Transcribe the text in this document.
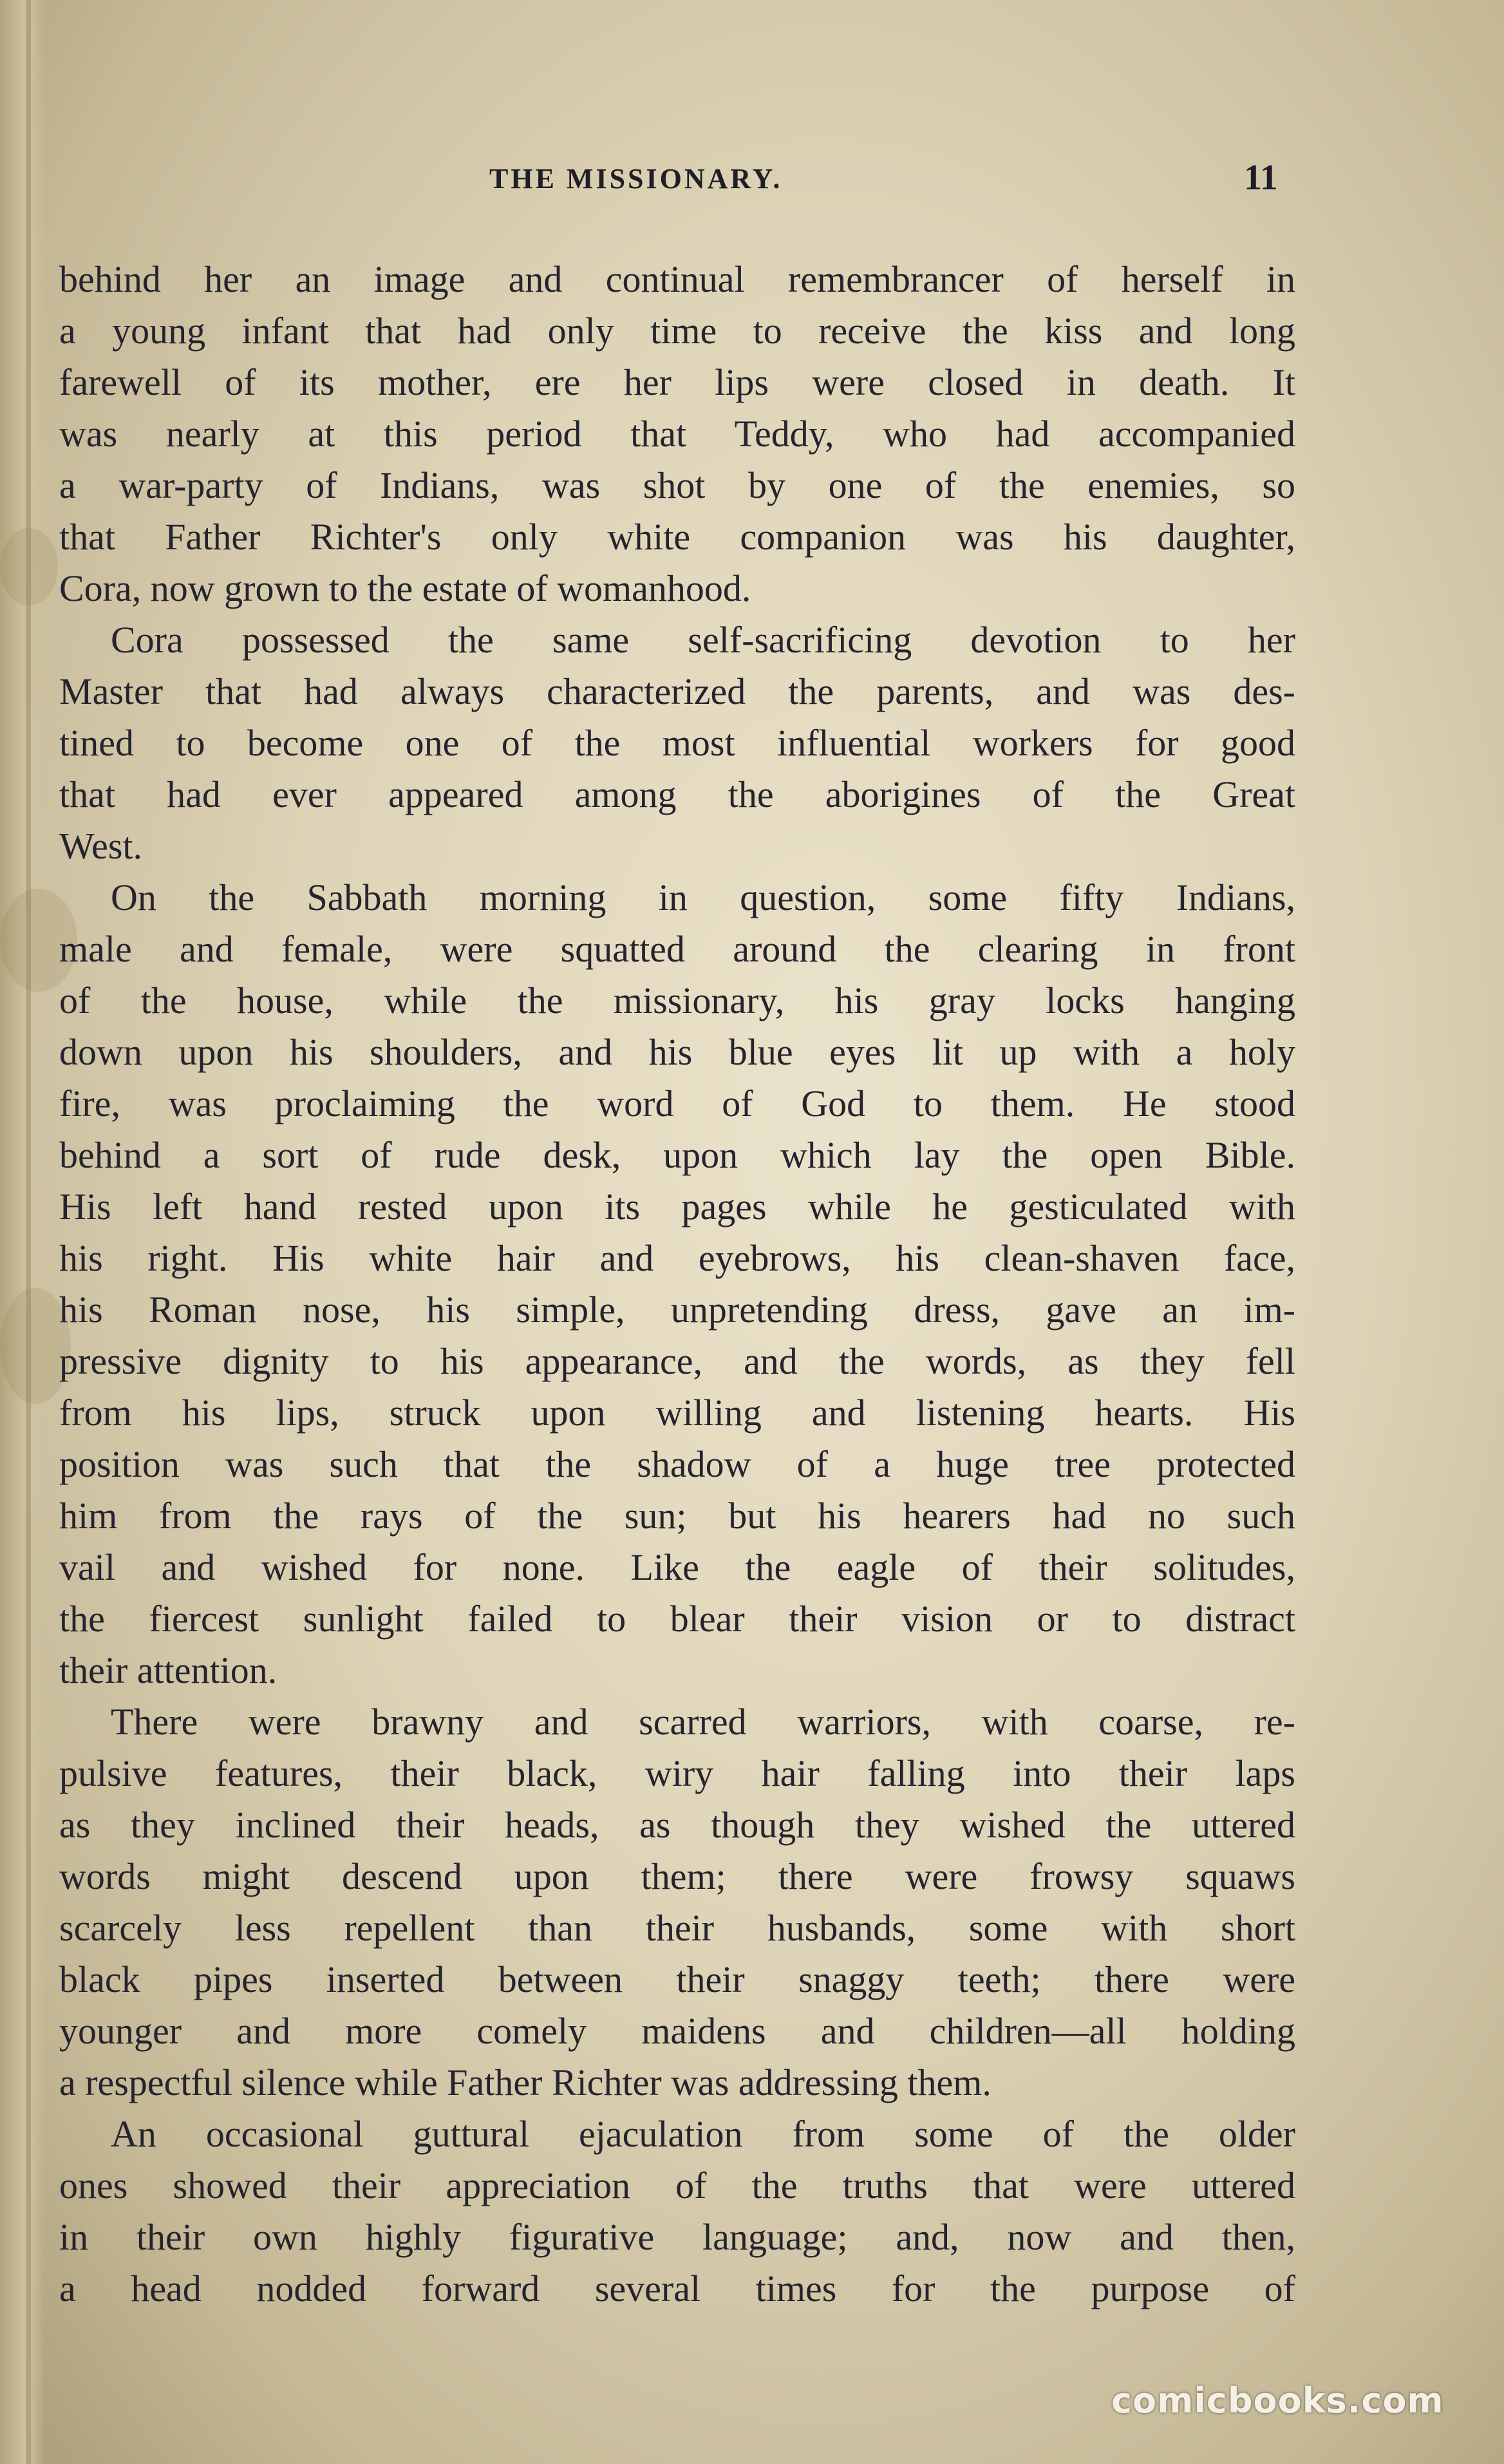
THE MISSIONARY.	11
behind her an image and continual remembrancer of herself in
a young infant that had only time to receive the kiss and long
farewell of its mother, ere her lips were closed in death. It
was nearly at this period that Teddy, who had accompanied
a war-party of Indians, was shot by one of the enemies, so
that Father Richter's only white companion was his daughter,
Cora, now grown to the estate of womanhood.
Cora possessed the same self-sacrificing devotion to her
Master that had always characterized the parents, and was des-
tined to become one of the most influential workers for good
that had ever appeared among the aborigines of the Great
West.
On the Sabbath morning in question, some fifty Indians,
male and female, were squatted around the clearing in front
of the house, while the missionary, his gray locks hanging
down upon his shoulders, and his blue eyes lit up with a holy
fire, was proclaiming the word of God to them. He stood
behind a sort of rude desk, upon which lay the open Bible.
His left hand rested upon its pages while he gesticulated with
his right. His white hair and eyebrows, his clean-shaven face,
his Roman nose, his simple, unpretending dress, gave an im-
pressive dignity to his appearance, and the words, as they fell
from his lips, struck upon willing and listening hearts. His
position was such that the shadow of a huge tree protected
him from the rays of the sun; but his hearers had no such
vail and wished for none. Like the eagle of their solitudes,
the fiercest sunlight failed to blear their vision or to distract
their attention.
There were brawny and scarred warriors, with coarse, re-
pulsive features, their black, wiry hair falling into their laps
as they inclined their heads, as though they wished the uttered
words might descend upon them; there were frowsy squaws
scarcely less repellent than their husbands, some with short
black pipes inserted between their snaggy teeth; there were
younger and more comely maidens and children—all holding
a respectful silence while Father Richter was addressing them.
An occasional guttural ejaculation from some of the older
ones showed their appreciation of the truths that were uttered
in their own highly figurative language; and, now and then,
a head nodded forward several times for the purpose of
comicbooks.com
